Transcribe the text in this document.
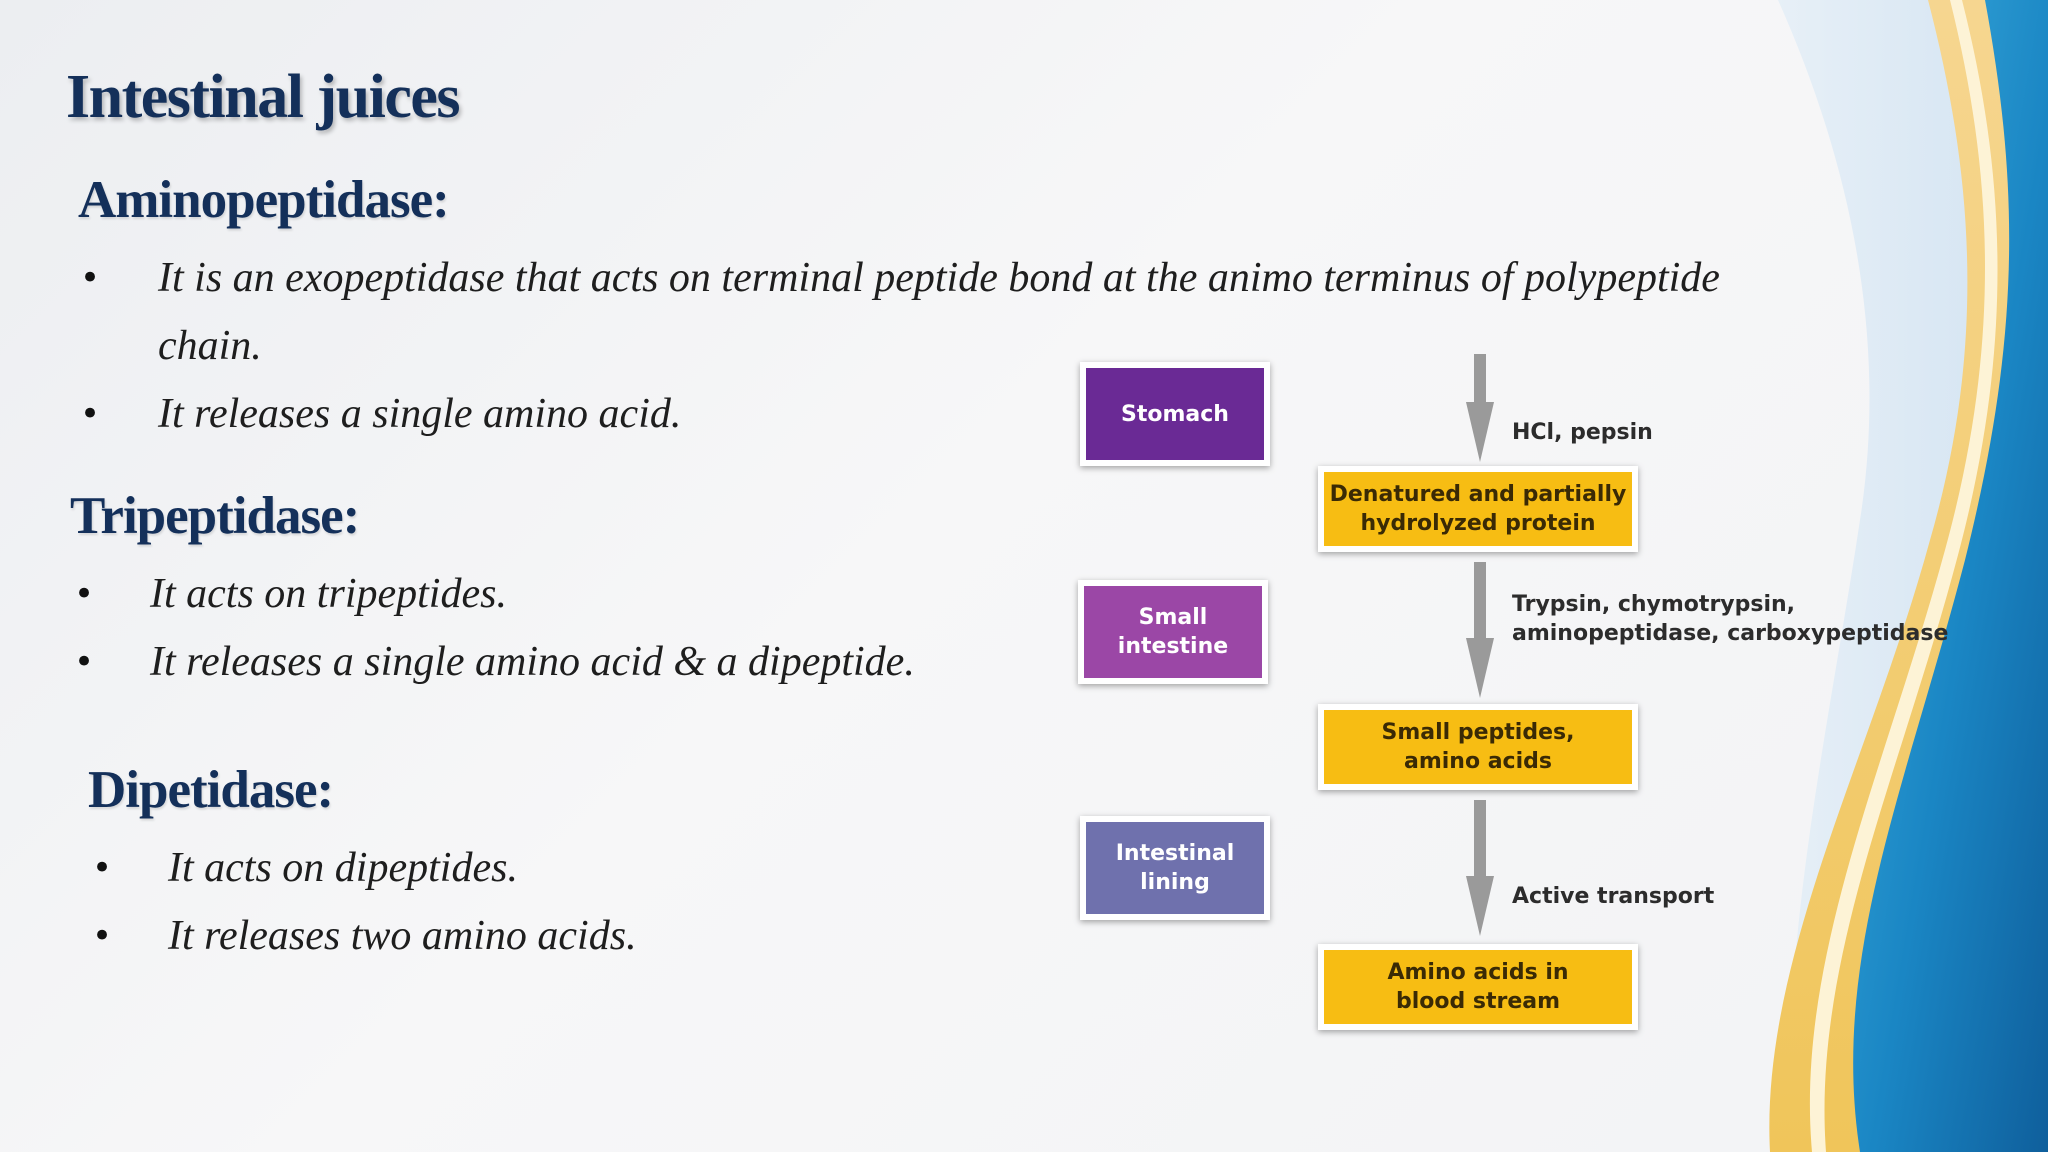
Intestinal juices
Aminopeptidase:
• It is an exopeptidase that acts on terminal peptide bond at the animo terminus of polypeptide
chain.
• It releases a single amino acid.
Tripeptidase:
• It acts on tripeptides.
• It releases a single amino acid & a dipeptide.
Dipetidase:
• It acts on dipeptides.
• It releases two amino acids.
Stomach
Small
intestine
Intestinal
lining
Denatured and partially
hydrolyzed protein
Small peptides,
amino acids
Amino acids in
blood stream
HCl, pepsin
Trypsin, chymotrypsin,
aminopeptidase, carboxypeptidase
Active transport
